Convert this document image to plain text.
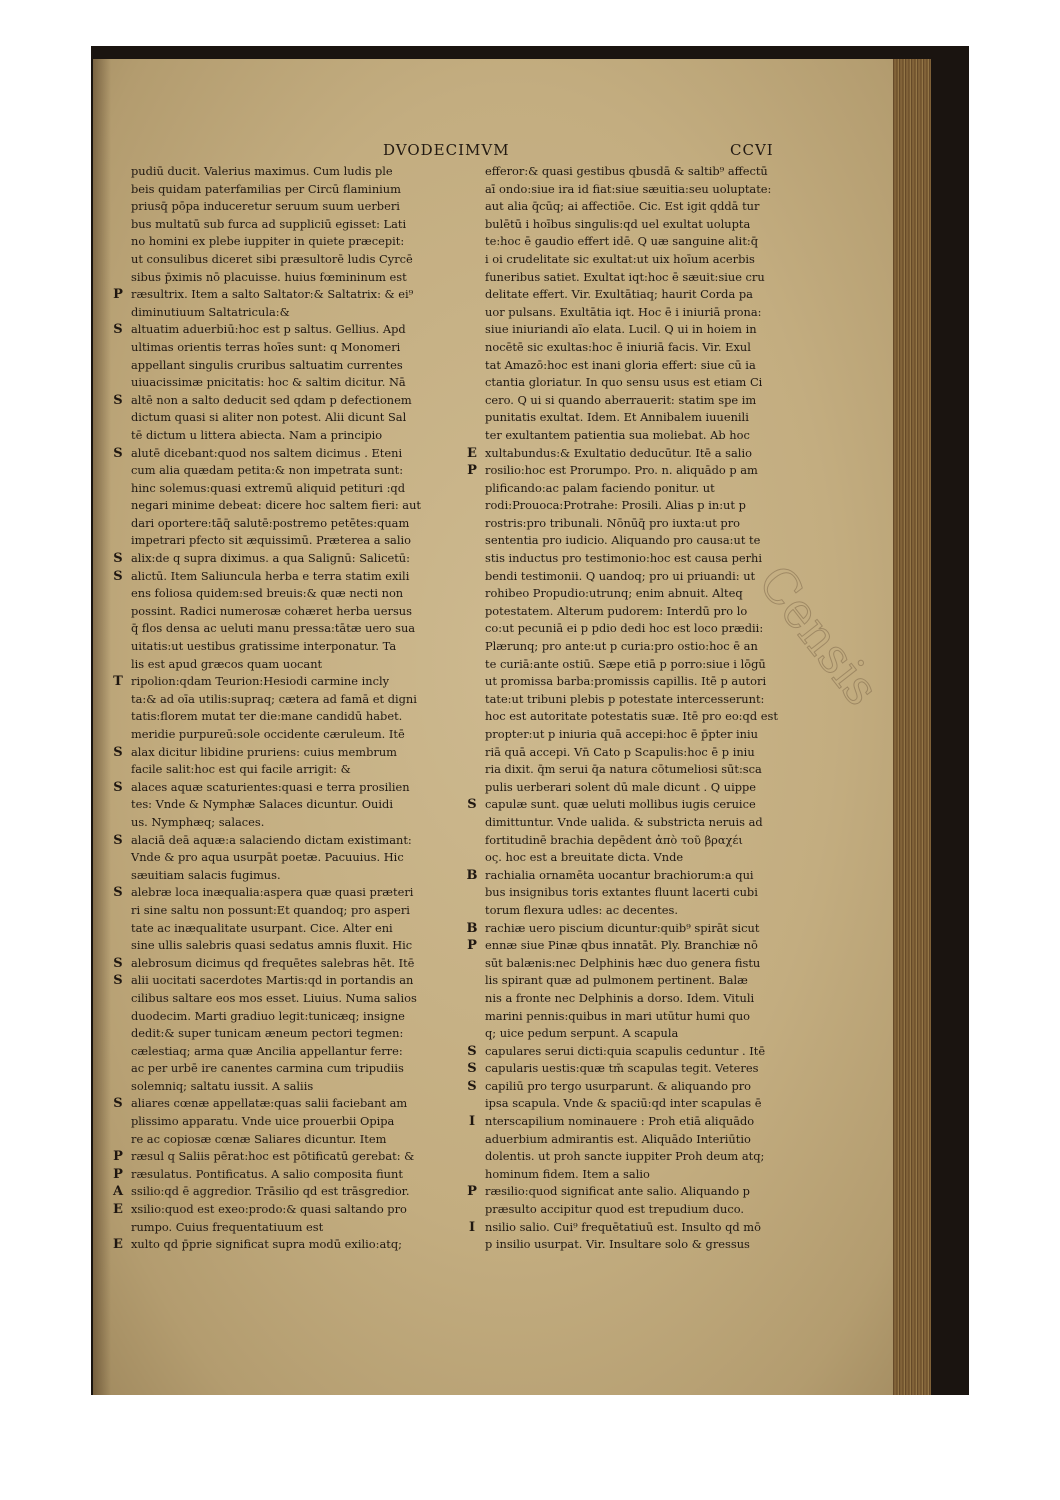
DVODECIMVM	CCVI
pudiū ducit. Valerius maximus. Cum ludis ple
beis quidam paterfamilias per Circū flaminium
priusq̄ pōpa induceretur seruum suum uerberi
bus multatū sub furca ad suppliciū egisset: Lati
no homini ex plebe iuppiter in quiete præcepit:
ut consulibus diceret sibi præsultorē ludis Cyrcē
sibus p̄ximis nō placuisse. huius fœmininum est
P ræsultrix. Item a salto Saltator:& Saltatrix: & ei⁹
diminutiuum Saltatricula:&
S altuatim aduerbiū:hoc est p saltus. Gellius. Apd
ultimas orientis terras hoīes sunt: q Monomeri
appellant singulis cruribus saltuatim currentes
uiuacissimæ pnicitatis: hoc & saltim dicitur. Nā
S altē non a salto deducit sed qdam p defectionem
dictum quasi si aliter non potest. Alii dicunt Sal
tē dictum u littera abiecta. Nam a principio
S alutē dicebant:quod nos saltem dicimus . Eteni
cum alia quædam petita:& non impetrata sunt:
hinc solemus:quasi extremū aliquid petituri :qd
negari minime debeat: dicere hoc saltem fieri: aut
dari oportere:tāq̄ salutē:postremo petētes:quam
impetrari pfecto sit æquissimū. Præterea a salio
S alix:de q supra diximus. a qua Salignū: Salicetū:
S alictū. Item Saliuncula herba e terra statim exili
ens foliosa quidem:sed breuis:& quæ necti non
possint. Radici numerosæ cohæret herba uersus
q̄ flos densa ac ueluti manu pressa:tātæ uero sua
uitatis:ut uestibus gratissime interponatur. Ta
lis est apud græcos quam uocant
T ripolion:qdam Teurion:Hesiodi carmine incly
ta:& ad oīa utilis:supraq; cætera ad famā et digni
tatis:florem mutat ter die:mane candidū habet.
meridie purpureū:sole occidente cæruleum. Itē
S alax dicitur libidine pruriens: cuius membrum
facile salit:hoc est qui facile arrigit: &
S alaces aquæ scaturientes:quasi e terra prosilien
tes: Vnde & Nymphæ Salaces dicuntur. Ouidi
us. Nymphæq; salaces.
S alaciā deā aquæ:a salaciendo dictam existimant:
Vnde & pro aqua usurpāt poetæ. Pacuuius. Hic
sæuitiam salacis fugimus.
S alebræ loca inæqualia:aspera quæ quasi præteri
ri sine saltu non possunt:Et quandoq; pro asperi
tate ac inæqualitate usurpant. Cice. Alter eni
sine ullis salebris quasi sedatus amnis fluxit. Hic
S alebrosum dicimus qd frequētes salebras hēt. Itē
S alii uocitati sacerdotes Martis:qd in portandis an
cilibus saltare eos mos esset. Liuius. Numa salios
duodecim. Marti gradiuo legit:tunicæq; insigne
dedit:& super tunicam æneum pectori tegmen:
cælestiaq; arma quæ Ancilia appellantur ferre:
ac per urbē ire canentes carmina cum tripudiis
solemniq; saltatu iussit. A saliis
S aliares cœnæ appellatæ:quas salii faciebant am
plissimo apparatu. Vnde uice prouerbii Opipa
re ac copiosæ cœnæ Saliares dicuntur. Item
P ræsul q Saliis pērat:hoc est pōtificatū gerebat: &
P ræsulatus. Pontificatus. A salio composita fiunt
A ssilio:qd ē aggredior. Trāsilio qd est trāsgredior.
E xsilio:quod est exeo:prodo:& quasi saltando pro
rumpo. Cuius frequentatiuum est
E xulto qd p̄prie significat supra modū exilio:atq;
efferor:& quasi gestibus qbusdā & saltib⁹ affectū
aī ondo:siue ira id fiat:siue sæuitia:seu uoluptate:
aut alia q̄cūq; ai affectiōe. Cic. Est igit qddā tur
bulētū i hoībus singulis:qd uel exultat uolupta
te:hoc ē gaudio effert idē. Q uæ sanguine alit:q̄
i oi crudelitate sic exultat:ut uix hoīum acerbis
funeribus satiet. Exultat iqt:hoc ē sæuit:siue cru
delitate effert. Vir. Exultātiaq; haurit Corda pa
uor pulsans. Exultātia iqt. Hoc ē i iniuriā prona:
siue iniuriandi aīo elata. Lucil. Q ui in hoiem in
nocētē sic exultas:hoc ē iniuriā facis. Vir. Exul
tat Amazō:hoc est inani gloria effert: siue cū ia
ctantia gloriatur. In quo sensu usus est etiam Ci
cero. Q ui si quando aberrauerit: statim spe im
punitatis exultat. Idem. Et Annibalem iuuenili
ter exultantem patientia sua moliebat. Ab hoc
E xultabundus:& Exultatio deducūtur. Itē a salio
P rosilio:hoc est Prorumpo. Pro. n. aliquādo p am
plificando:ac palam faciendo ponitur. ut
rodi:Prouoca:Protrahe: Prosili. Alias p in:ut p
rostris:pro tribunali. Nōnūq̄ pro iuxta:ut pro
sententia pro iudicio. Aliquando pro causa:ut te
stis inductus pro testimonio:hoc est causa perhi
bendi testimonii. Q uandoq; pro ui priuandi: ut
rohibeo Propudio:utrunq; enim abnuit. Alteq
potestatem. Alterum pudorem: Interdū pro lo
co:ut pecuniā ei p pdio dedi hoc est loco prædii:
Plærunq; pro ante:ut p curia:pro ostio:hoc ē an
te curiā:ante ostiū. Sæpe etiā p porro:siue i lōgū
ut promissa barba:promissis capillis. Itē p autori
tate:ut tribuni plebis p potestate intercesserunt:
hoc est autoritate potestatis suæ. Itē pro eo:qd est
propter:ut p iniuria quā accepi:hoc ē p̄pter iniu
riā quā accepi. Vn̄ Cato p Scapulis:hoc ē p iniu
ria dixit. q̄m serui q̄a natura cōtumeliosi sūt:sca
pulis uerberari solent dū male dicunt . Q uippe
S capulæ sunt. quæ ueluti mollibus iugis ceruice
dimittuntur. Vnde ualida. & substricta neruis ad
fortitudinē brachia depēdent ἀπὸ τοῦ βραχέι
ος. hoc est a breuitate dicta. Vnde
B rachialia ornamēta uocantur brachiorum:a qui
bus insignibus toris extantes fluunt lacerti cubi
torum flexura udles: ac decentes.
B rachiæ uero piscium dicuntur:quib⁹ spirāt sicut
P ennæ siue Pinæ qbus innatāt. Ply. Branchiæ nō
sūt balænis:nec Delphinis hæc duo genera fistu
lis spirant quæ ad pulmonem pertinent. Balæ
nis a fronte nec Delphinis a dorso. Idem. Vituli
marini pennis:quibus in mari utūtur humi quo
q; uice pedum serpunt. A scapula
S capulares serui dicti:quia scapulis ceduntur . Itē
S capularis uestis:quæ tm̄ scapulas tegit. Veteres
S capiliū pro tergo usurparunt. & aliquando pro
ipsa scapula. Vnde & spaciū:qd inter scapulas ē
I nterscapilium nominauere : Proh etiā aliquādo
aduerbium admirantis est. Aliquādo Interiūtio
dolentis. ut proh sancte iuppiter Proh deum atq;
hominum fidem. Item a salio
P ræsilio:quod significat ante salio. Aliquando p
præsulto accipitur quod est trepudium duco.
I nsilio salio. Cui⁹ frequētatiuū est. Insulto qd mō
p insilio usurpat. Vir. Insultare solo & gressus
Censis
